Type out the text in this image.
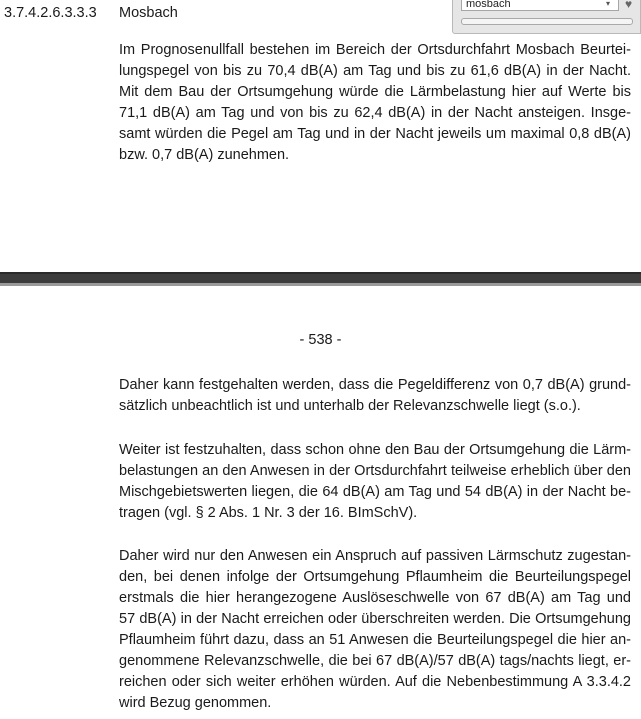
3.7.4.2.6.3.3.3 Mosbach

Im Prognosenullfall bestehen im Bereich der Ortsdurchfahrt Mosbach Beurtei-
lungspegel von bis zu 70,4 dB(A) am Tag und bis zu 61,6 dB(A) in der Nacht.
Mit dem Bau der Ortsumgehung würde die Lärmbelastung hier auf Werte bis
71,1 dB(A) am Tag und von bis zu 62,4 dB(A) in der Nacht ansteigen. Insge-
samt würden die Pegel am Tag und in der Nacht jeweils um maximal 0,8 dB(A)
bzw. 0,7 dB(A) zunehmen.

- 538 -

Daher kann festgehalten werden, dass die Pegeldifferenz von 0,7 dB(A) grund-
sätzlich unbeachtlich ist und unterhalb der Relevanzschwelle liegt (s.o.).

Weiter ist festzuhalten, dass schon ohne den Bau der Ortsumgehung die Lärm-
belastungen an den Anwesen in der Ortsdurchfahrt teilweise erheblich über den
Mischgebietswerten liegen, die 64 dB(A) am Tag und 54 dB(A) in der Nacht be-
tragen (vgl. § 2 Abs. 1 Nr. 3 der 16. BImSchV).

Daher wird nur den Anwesen ein Anspruch auf passiven Lärmschutz zugestan-
den, bei denen infolge der Ortsumgehung Pflaumheim die Beurteilungspegel
erstmals die hier herangezogene Auslöseschwelle von 67 dB(A) am Tag und
57 dB(A) in der Nacht erreichen oder überschreiten werden. Die Ortsumgehung
Pflaumheim führt dazu, dass an 51 Anwesen die Beurteilungspegel die hier an-
genommene Relevanzschwelle, die bei 67 dB(A)/57 dB(A) tags/nachts liegt, er-
reichen oder sich weiter erhöhen würden. Auf die Nebenbestimmung A 3.3.4.2
wird Bezug genommen.

mosbach	▾ ♥
